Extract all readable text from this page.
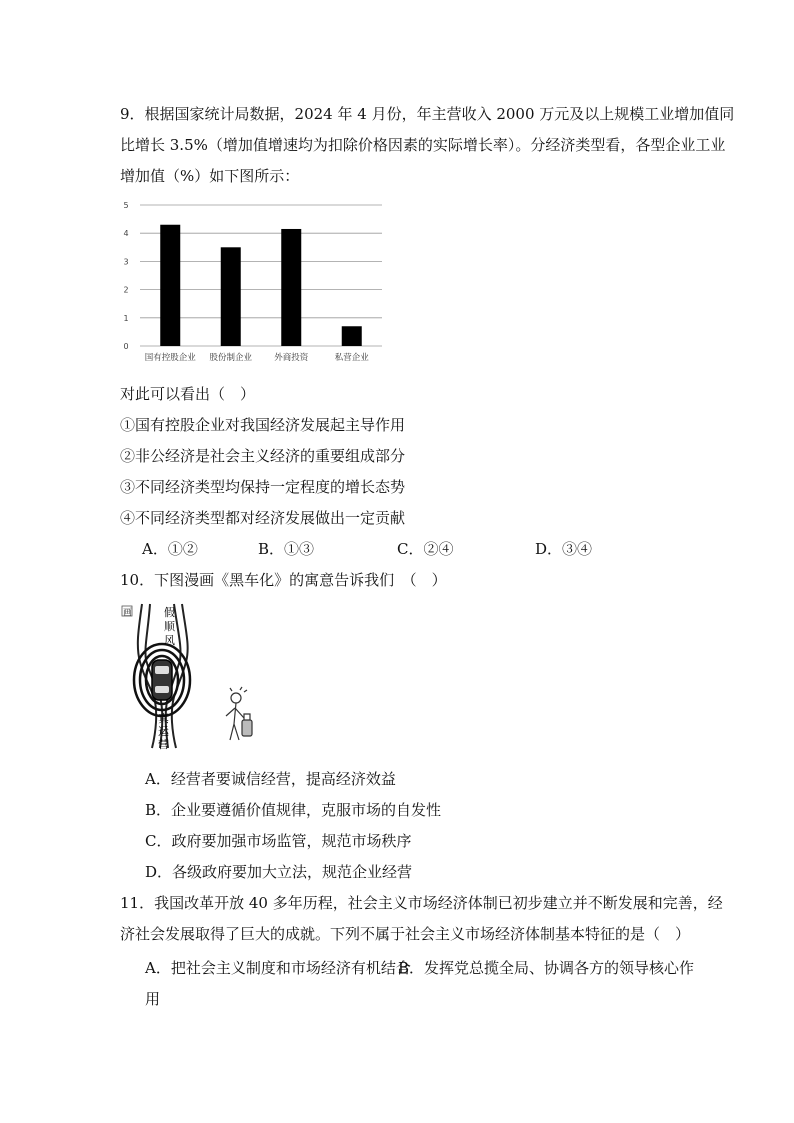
9．根据国家统计局数据，2024 年 4 月份，年主营收入 2000 万元及以上规模工业增加值同
比增长 3.5%（增加值增速均为扣除价格因素的实际增长率）。分经济类型看，各型企业工业
增加值（%）如下图所示：
0
1
2
3
4
5
国有控股企业 股份制企业	外商投资	私营企业
对此可以看出（　）
①国有控股企业对我国经济发展起主导作用
②非公经济是社会主义经济的重要组成部分
③不同经济类型均保持一定程度的增长态势
④不同经济类型都对经济发展做出一定贡献
A．①②	B．①③	C．②④	D．③④
10．下图漫画《黑车化》的寓意告诉我们　（　）
画	假
顺
风
真
运
营
A．经营者要诚信经营，提高经济效益
B．企业要遵循价值规律，克服市场的自发性
C．政府要加强市场监管，规范市场秩序
D．各级政府要加大立法，规范企业经营
11．我国改革开放 40 多年历程，社会主义市场经济体制已初步建立并不断发展和完善，经
济社会发展取得了巨大的成就。下列不属于社会主义市场经济体制基本特征的是（　）
A．把社会主义制度和市场经济有机结合
B．发挥党总揽全局、协调各方的领导核心作
用
